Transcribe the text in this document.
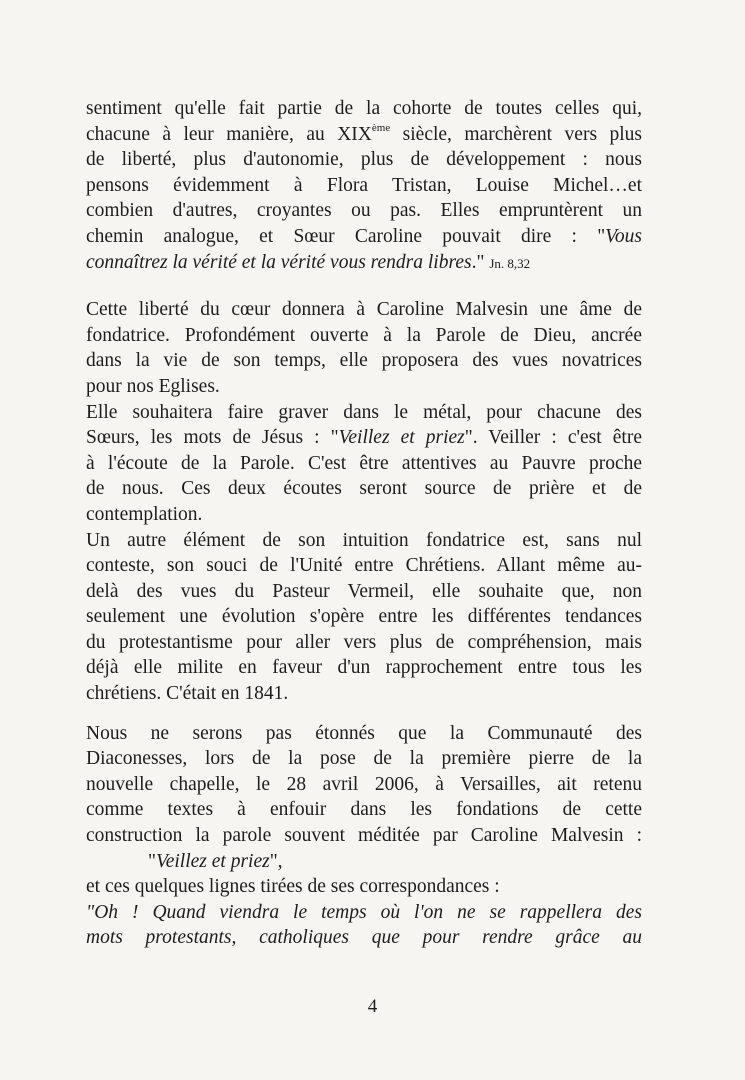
sentiment qu'elle fait partie de la cohorte de toutes celles qui,
chacune à leur manière, au XIXème siècle, marchèrent vers plus
de liberté, plus d'autonomie, plus de développement : nous
pensons évidemment à Flora Tristan, Louise Michel…et
combien d'autres, croyantes ou pas. Elles empruntèrent un
chemin analogue, et Sœur Caroline pouvait dire : "Vous
connaîtrez la vérité et la vérité vous rendra libres." Jn. 8,32
Cette liberté du cœur donnera à Caroline Malvesin une âme de
fondatrice. Profondément ouverte à la Parole de Dieu, ancrée
dans la vie de son temps, elle proposera des vues novatrices
pour nos Eglises.
Elle souhaitera faire graver dans le métal, pour chacune des
Sœurs, les mots de Jésus : "Veillez et priez". Veiller : c'est être
à l'écoute de la Parole. C'est être attentives au Pauvre proche
de nous. Ces deux écoutes seront source de prière et de
contemplation.
Un autre élément de son intuition fondatrice est, sans nul
conteste, son souci de l'Unité entre Chrétiens. Allant même au-
delà des vues du Pasteur Vermeil, elle souhaite que, non
seulement une évolution s'opère entre les différentes tendances
du protestantisme pour aller vers plus de compréhension, mais
déjà elle milite en faveur d'un rapprochement entre tous les
chrétiens. C'était en 1841.
Nous ne serons pas étonnés que la Communauté des
Diaconesses, lors de la pose de la première pierre de la
nouvelle chapelle, le 28 avril 2006, à Versailles, ait retenu
comme textes à enfouir dans les fondations de cette
construction la parole souvent méditée par Caroline Malvesin :
"Veillez et priez",
et ces quelques lignes tirées de ses correspondances :
"Oh ! Quand viendra le temps où l'on ne se rappellera des
mots protestants, catholiques que pour rendre grâce au
4
